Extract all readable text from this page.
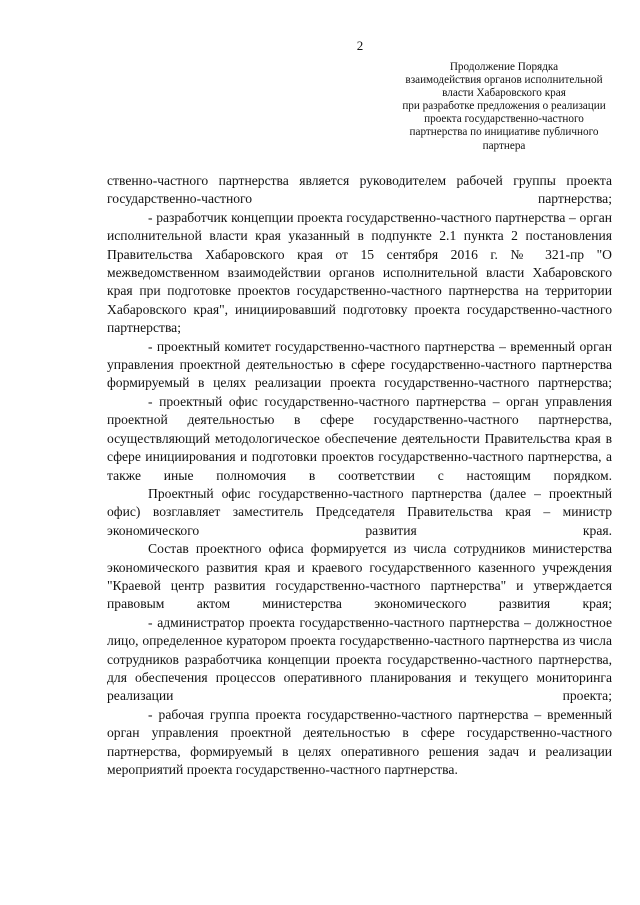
2
Продолжение Порядка
взаимодействия органов исполнительной
власти Хабаровского края
при разработке предложения о реализации
проекта государственно-частного
партнерства по инициативе публичного
партнера

ственно-частного партнерства является руководителем рабочей группы проекта государственно-частного партнерства;

- разработчик концепции проекта государственно-частного партнерства – орган исполнительной власти края указанный в подпункте 2.1 пункта 2 постановления Правительства Хабаровского края от 15 сентября 2016 г. № 321-пр "О межведомственном взаимодействии органов исполнительной власти Хабаровского края при подготовке проектов государственно-частного партнерства на территории Хабаровского края", инициировавший подготовку проекта государственно-частного партнерства;

- проектный комитет государственно-частного партнерства – временный орган управления проектной деятельностью в сфере государственно-частного партнерства формируемый в целях реализации проекта государственно-частного партнерства;

- проектный офис государственно-частного партнерства – орган управления проектной деятельностью в сфере государственно-частного партнерства, осуществляющий методологическое обеспечение деятельности Правительства края в сфере инициирования и подготовки проектов государственно-частного партнерства, а также иные полномочия в соответствии с настоящим порядком.

Проектный офис государственно-частного партнерства (далее – проектный офис) возглавляет заместитель Председателя Правительства края – министр экономического развития края.

Состав проектного офиса формируется из числа сотрудников министерства экономического развития края и краевого государственного казенного учреждения "Краевой центр развития государственно-частного партнерства" и утверждается правовым актом министерства экономического развития края;

- администратор проекта государственно-частного партнерства – должностное лицо, определенное куратором проекта государственно-частного партнерства из числа сотрудников разработчика концепции проекта государственно-частного партнерства, для обеспечения процессов оперативного планирования и текущего мониторинга реализации проекта;

- рабочая группа проекта государственно-частного партнерства – временный орган управления проектной деятельностью в сфере государственно-частного партнерства, формируемый в целях оперативного решения задач и реализации мероприятий проекта государственно-частного партнерства.
